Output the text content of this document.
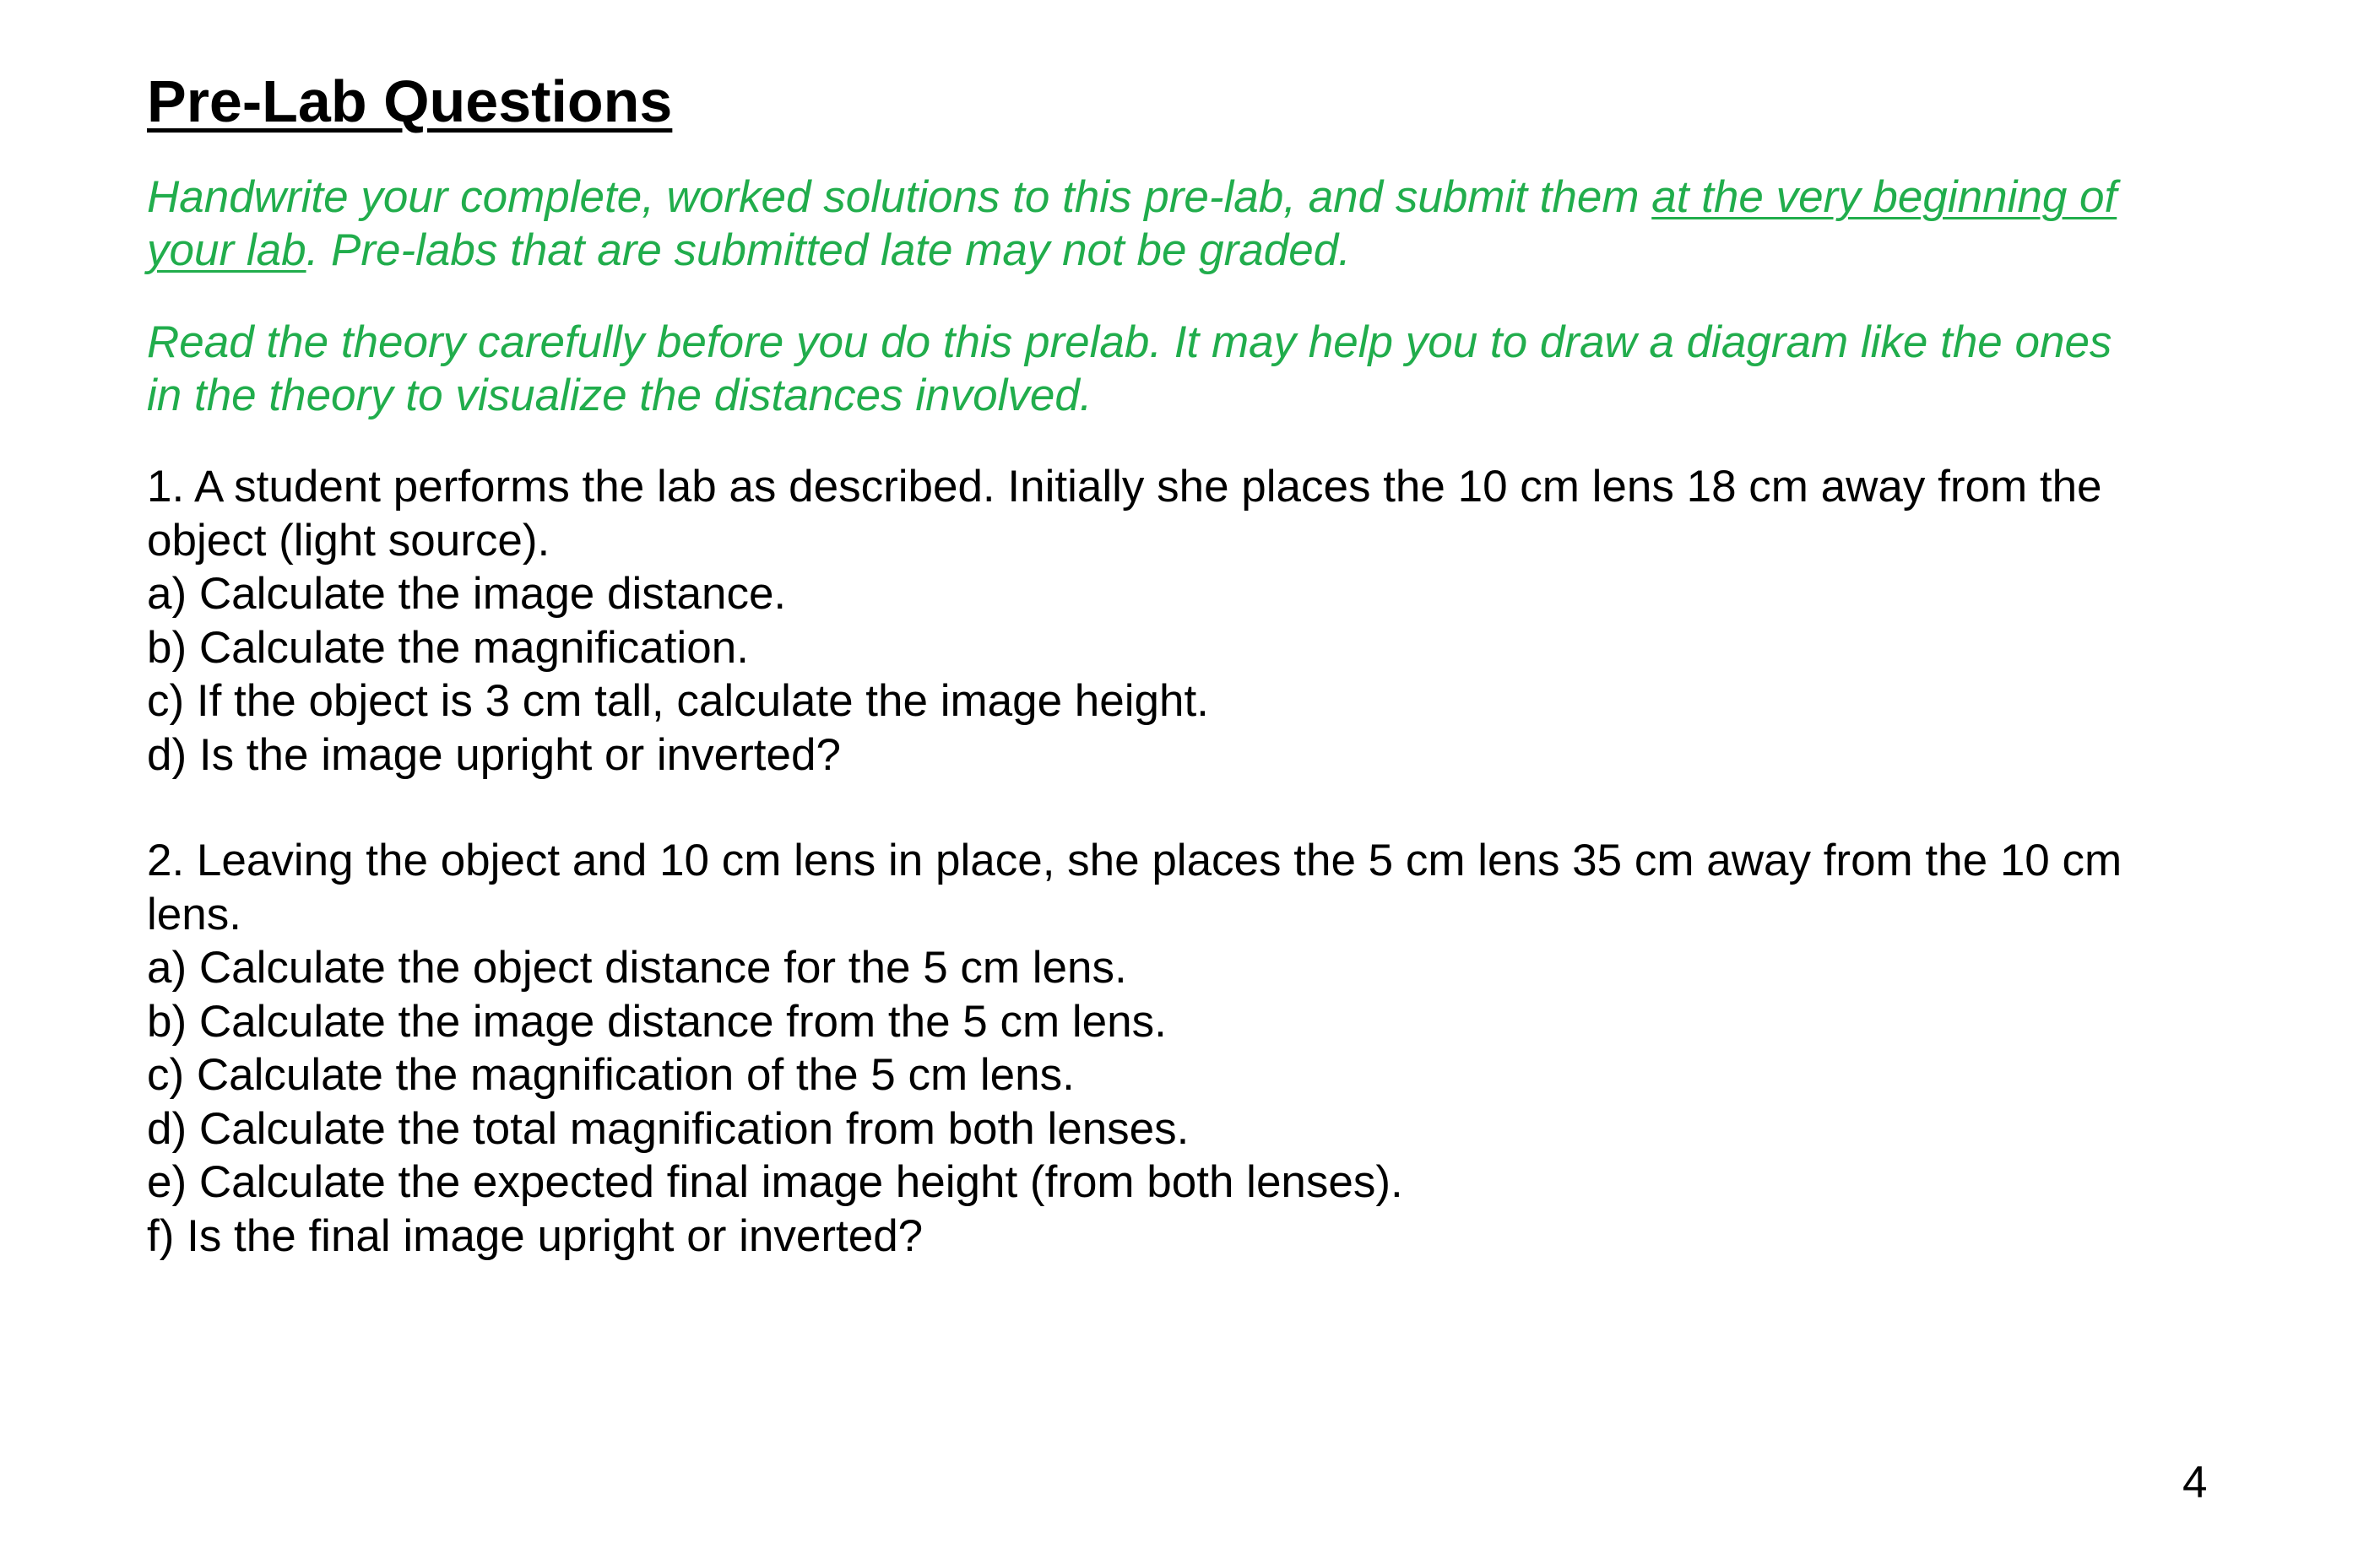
Pre-Lab Questions

Handwrite your complete, worked solutions to this pre-lab, and submit them at the very beginning of
your lab. Pre-labs that are submitted late may not be graded.

Read the theory carefully before you do this prelab. It may help you to draw a diagram like the ones
in the theory to visualize the distances involved.

1. A student performs the lab as described. Initially she places the 10 cm lens 18 cm away from the
object (light source).
a) Calculate the image distance.
b) Calculate the magnification.
c) If the object is 3 cm tall, calculate the image height.
d) Is the image upright or inverted?
2. Leaving the object and 10 cm lens in place, she places the 5 cm lens 35 cm away from the 10 cm
lens.
a) Calculate the object distance for the 5 cm lens.
b) Calculate the image distance from the 5 cm lens.
c) Calculate the magnification of the 5 cm lens.
d) Calculate the total magnification from both lenses.
e) Calculate the expected final image height (from both lenses).
f) Is the final image upright or inverted?
4
